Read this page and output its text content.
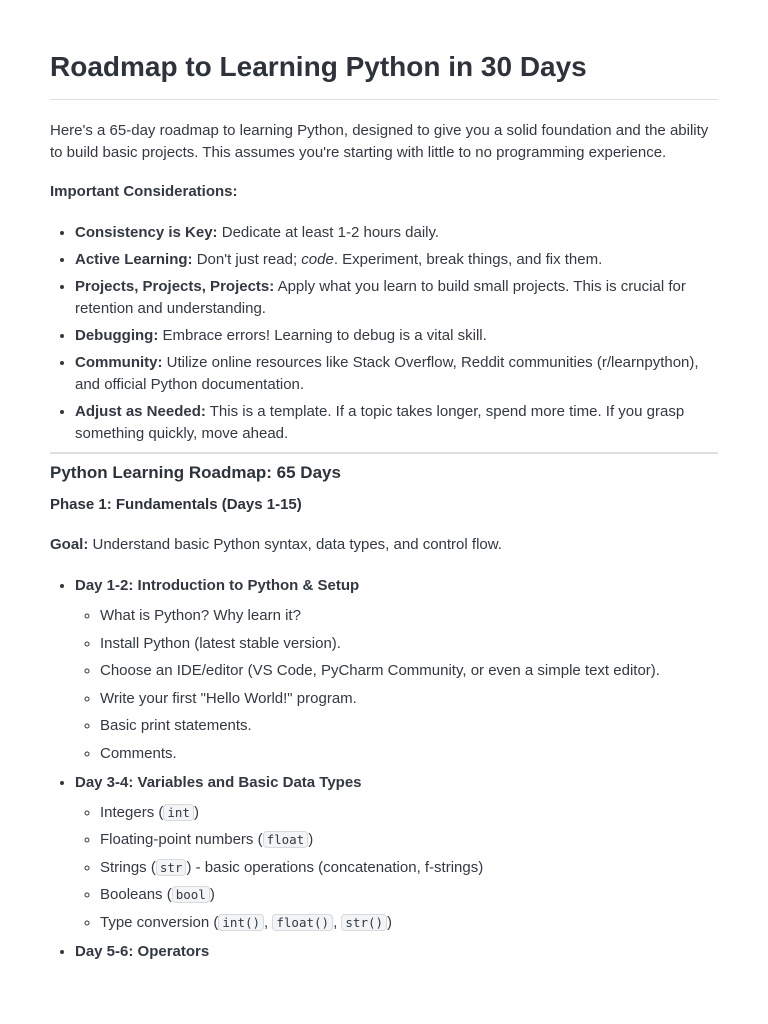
Roadmap to Learning Python in 30 Days

Here's a 65-day roadmap to learning Python, designed to give you a solid foundation and the ability to build basic projects. This assumes you're starting with little to no programming experience.

Important Considerations:

• Consistency is Key: Dedicate at least 1-2 hours daily.
• Active Learning: Don't just read; code. Experiment, break things, and fix them.
• Projects, Projects, Projects: Apply what you learn to build small projects. This is crucial for retention and understanding.
• Debugging: Embrace errors! Learning to debug is a vital skill.
• Community: Utilize online resources like Stack Overflow, Reddit communities (r/learnpython), and official Python documentation.
• Adjust as Needed: This is a template. If a topic takes longer, spend more time. If you grasp something quickly, move ahead.
Python Learning Roadmap: 65 Days
Phase 1: Fundamentals (Days 1-15)

Goal: Understand basic Python syntax, data types, and control flow.

• Day 1-2: Introduction to Python & Setup
◦ What is Python? Why learn it?
◦ Install Python (latest stable version).
◦ Choose an IDE/editor (VS Code, PyCharm Community, or even a simple text editor).
◦ Write your first "Hello World!" program.
◦ Basic print statements.
◦ Comments.
• Day 3-4: Variables and Basic Data Types
◦ Integers ( int )
◦ Floating-point numbers ( float )
◦ Strings ( str ) - basic operations (concatenation, f-strings)
◦ Booleans ( bool )
◦ Type conversion ( int() , float() , str() )
• Day 5-6: Operators
